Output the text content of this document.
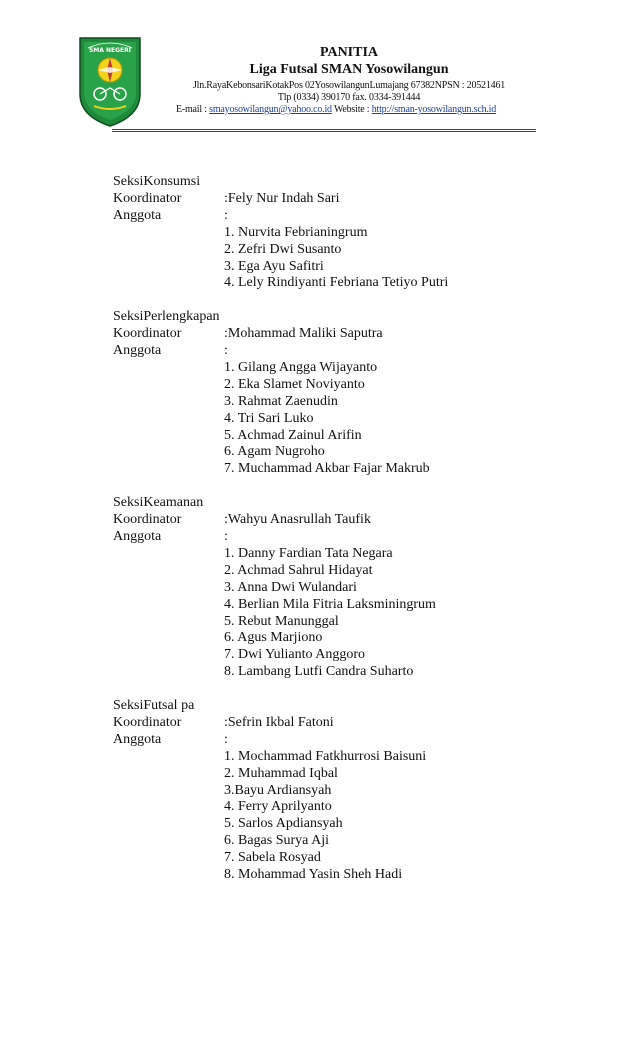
SMA NEGERI	PANITIA
Liga Futsal SMAN Yosowilangun
Jln.RayaKebonsariKotakPos 02YosowilangunLumajang 67382NPSN : 20521461
Tlp (0334) 390170 fax. 0334-391444
E-mail : smayosowilangun@yahoo.co.id Website : http://sman-yosowilangun.sch.id
SeksiKonsumsi
Koordinator	:Fely Nur Indah Sari
Anggota	:
1. Nurvita Febrianingrum
2. Zefri Dwi Susanto
3. Ega Ayu Safitri
4. Lely Rindiyanti Febriana Tetiyo Putri
SeksiPerlengkapan
Koordinator	:Mohammad Maliki Saputra
Anggota	:
1. Gilang Angga Wijayanto
2. Eka Slamet Noviyanto
3. Rahmat Zaenudin
4. Tri Sari Luko
5. Achmad Zainul Arifin
6. Agam Nugroho
7. Muchammad Akbar Fajar Makrub
SeksiKeamanan
Koordinator	:Wahyu Anasrullah Taufik
Anggota	:
1. Danny Fardian Tata Negara
2. Achmad Sahrul Hidayat
3. Anna Dwi Wulandari
4. Berlian Mila Fitria Laksminingrum
5. Rebut Manunggal
6. Agus Marjiono
7. Dwi Yulianto Anggoro
8. Lambang Lutfi Candra Suharto
SeksiFutsal pa
Koordinator	:Sefrin Ikbal Fatoni
Anggota	:
1. Mochammad Fatkhurrosi Baisuni
2. Muhammad Iqbal
3.Bayu Ardiansyah
4. Ferry Aprilyanto
5. Sarlos Apdiansyah
6. Bagas Surya Aji
7. Sabela Rosyad
8. Mohammad Yasin Sheh Hadi
